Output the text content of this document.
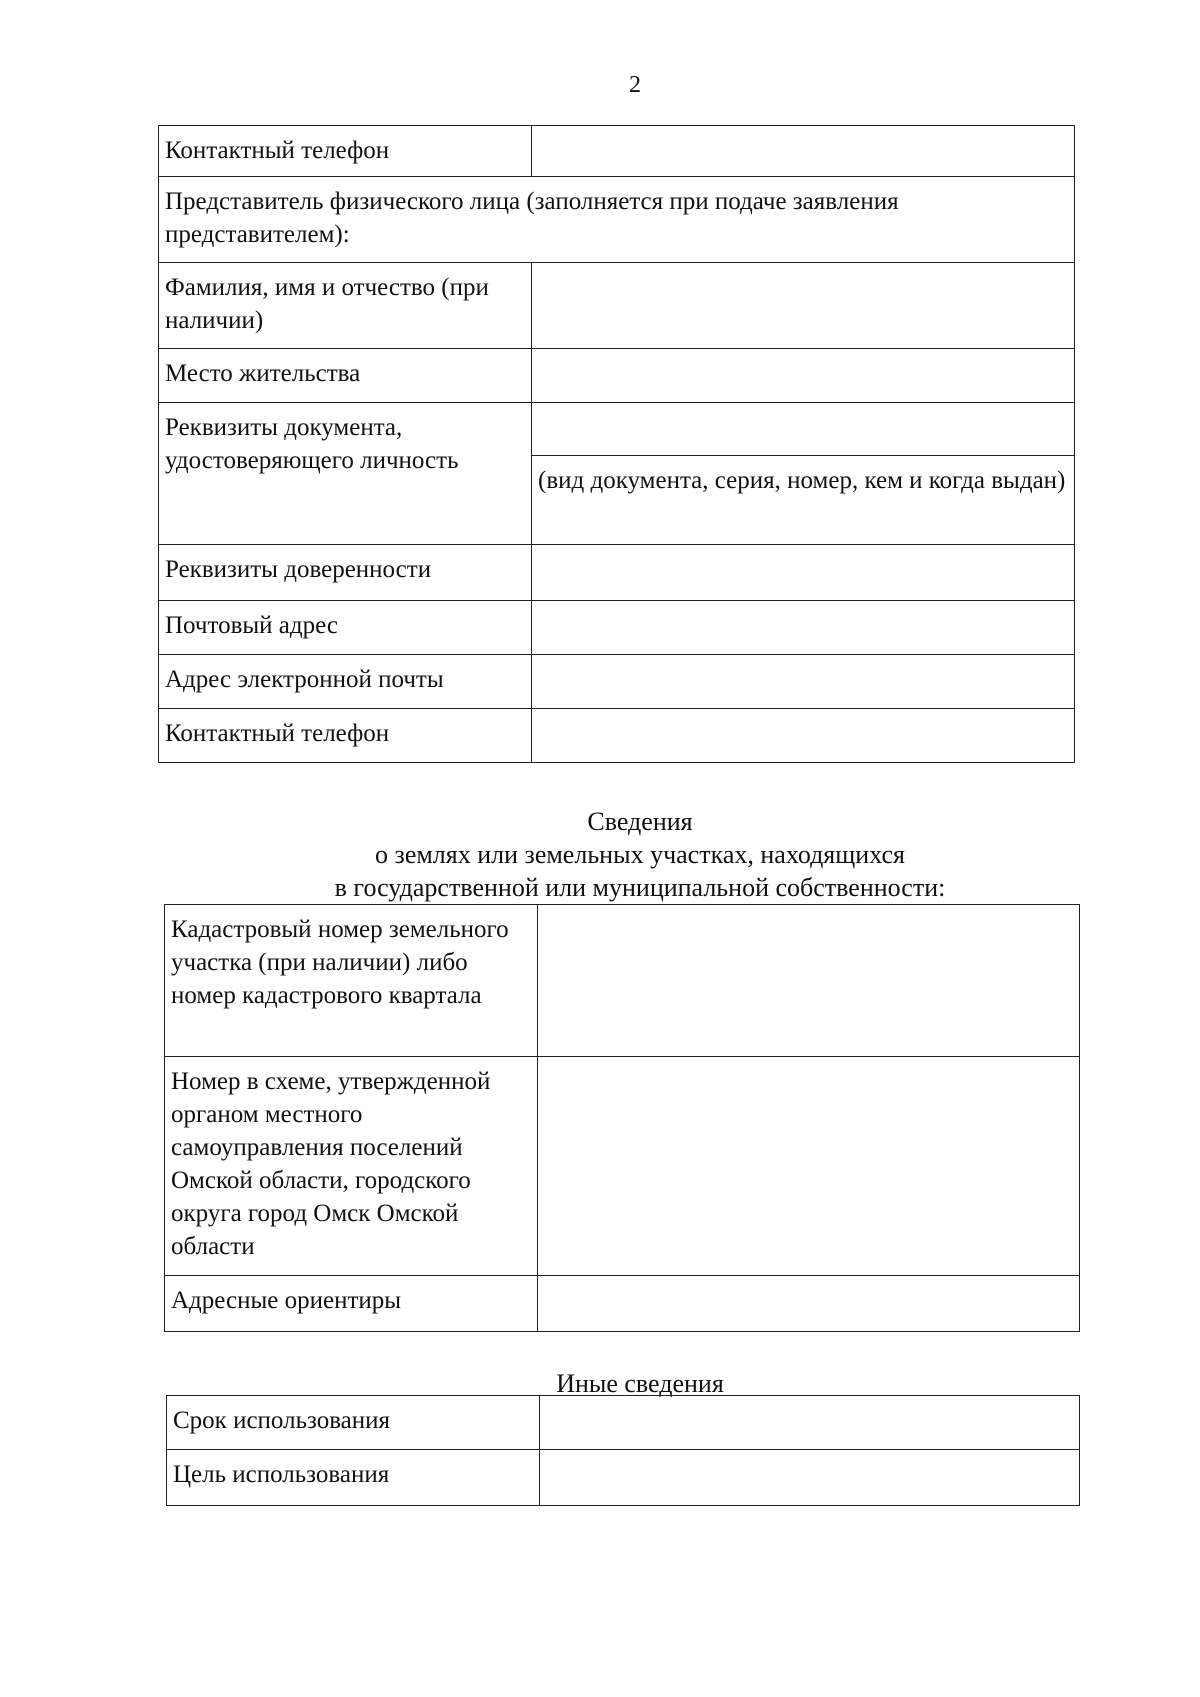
2
Контактный телефон	
Представитель физического лица (заполняется при подаче заявления представителем):	
Фамилия, имя и отчество (при наличии)	
Место жительства	
Реквизиты документа, удостоверяющего личность	(вид документа, серия, номер, кем и когда выдан)

Реквизиты доверенности	
Почтовый адрес	
Адрес электронной почты	
Контактный телефон	
Сведения
о землях или земельных участках, находящихся
в государственной или муниципальной собственности:
Кадастровый номер земельного участка (при наличии) либо номер кадастрового квартала	
Номер в схеме, утвержденной органом местного самоуправления поселений Омской области, городского округа город Омск Омской области	
Адресные ориентиры	
Иные сведения
Срок использования	
Цель использования	
